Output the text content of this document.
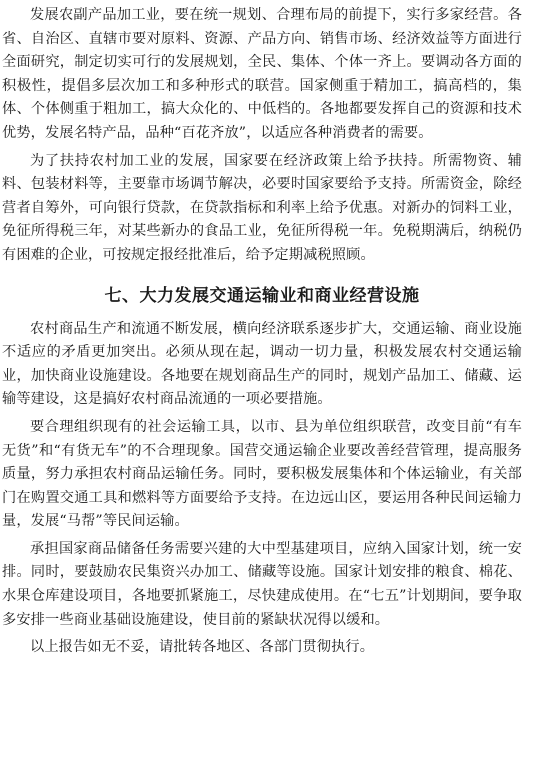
发展农副产品加工业，要在统一规划、合理布局的前提下，实行多家经营。各省、自治区、直辖市要对原料、资源、产品方向、销售市场、经济效益等方面进行全面研究，制定切实可行的发展规划，全民、集体、个体一齐上。要调动各方面的积极性，提倡多层次加工和多种形式的联营。国家侧重于精加工，搞高档的，集体、个体侧重于粗加工，搞大众化的、中低档的。各地都要发挥自己的资源和技术优势，发展名特产品，品种“百花齐放”，以适应各种消费者的需要。

为了扶持农村加工业的发展，国家要在经济政策上给予扶持。所需物资、辅料、包装材料等，主要靠市场调节解决，必要时国家要给予支持。所需资金，除经营者自筹外，可向银行贷款，在贷款指标和利率上给予优惠。对新办的饲料工业，免征所得税三年，对某些新办的食品工业，免征所得税一年。免税期满后，纳税仍有困难的企业，可按规定报经批准后，给予定期减税照顾。

七、大力发展交通运输业和商业经营设施

农村商品生产和流通不断发展，横向经济联系逐步扩大，交通运输、商业设施不适应的矛盾更加突出。必须从现在起，调动一切力量，积极发展农村交通运输业，加快商业设施建设。各地要在规划商品生产的同时，规划产品加工、储藏、运输等建设，这是搞好农村商品流通的一项必要措施。

要合理组织现有的社会运输工具，以市、县为单位组织联营，改变目前“有车无货”和“有货无车”的不合理现象。国营交通运输企业要改善经营管理，提高服务质量，努力承担农村商品运输任务。同时，要积极发展集体和个体运输业，有关部门在购置交通工具和燃料等方面要给予支持。在边远山区，要运用各种民间运输力量，发展“马帮”等民间运输。

承担国家商品储备任务需要兴建的大中型基建项目，应纳入国家计划，统一安排。同时，要鼓励农民集资兴办加工、储藏等设施。国家计划安排的粮食、棉花、水果仓库建设项目，各地要抓紧施工，尽快建成使用。在“七五”计划期间，要争取多安排一些商业基础设施建设，使目前的紧缺状况得以缓和。

以上报告如无不妥，请批转各地区、各部门贯彻执行。
